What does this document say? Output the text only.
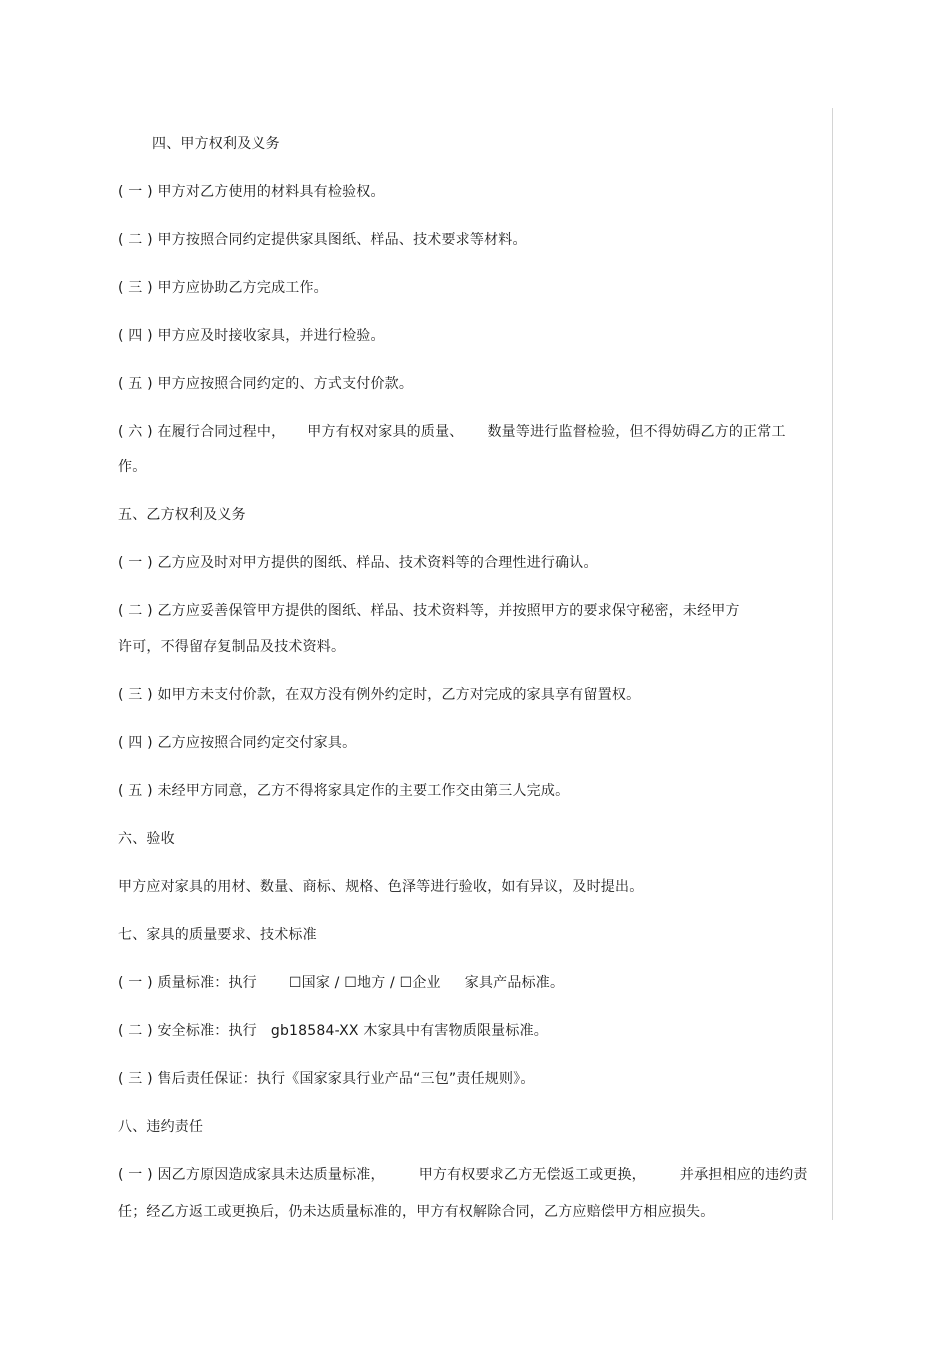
四、甲方权利及义务
( 一 ) 甲方对乙方使用的材料具有检验权。
( 二 ) 甲方按照合同约定提供家具图纸、样品、技术要求等材料。
( 三 ) 甲方应协助乙方完成工作。
( 四 ) 甲方应及时接收家具，并进行检验。
( 五 ) 甲方应按照合同约定的、方式支付价款。
( 六 ) 在履行合同过程中， 甲方有权对家具的质量、 数量等进行监督检验，但不得妨碍乙方的正常工
作。
五、乙方权利及义务
( 一 ) 乙方应及时对甲方提供的图纸、样品、技术资料等的合理性进行确认。
( 二 ) 乙方应妥善保管甲方提供的图纸、样品、技术资料等，并按照甲方的要求保守秘密，未经甲方
许可，不得留存复制品及技术资料。
( 三 ) 如甲方未支付价款，在双方没有例外约定时，乙方对完成的家具享有留置权。
( 四 ) 乙方应按照合同约定交付家具。
( 五 ) 未经甲方同意，乙方不得将家具定作的主要工作交由第三人完成。
六、验收
甲方应对家具的用材、数量、商标、规格、色泽等进行验收，如有异议，及时提出。
七、家具的质量要求、技术标准
( 一 ) 质量标准：执行 ☐国家 / ☐地方 / ☐企业 家具产品标准。
( 二 ) 安全标准：执行 gb18584-XX 木家具中有害物质限量标准。
( 三 ) 售后责任保证：执行《国家家具行业产品“三包”责任规则》。
八、违约责任
( 一 ) 因乙方原因造成家具未达质量标准， 甲方有权要求乙方无偿返工或更换， 并承担相应的违约责
任；经乙方返工或更换后，仍未达质量标准的，甲方有权解除合同，乙方应赔偿甲方相应损失。
